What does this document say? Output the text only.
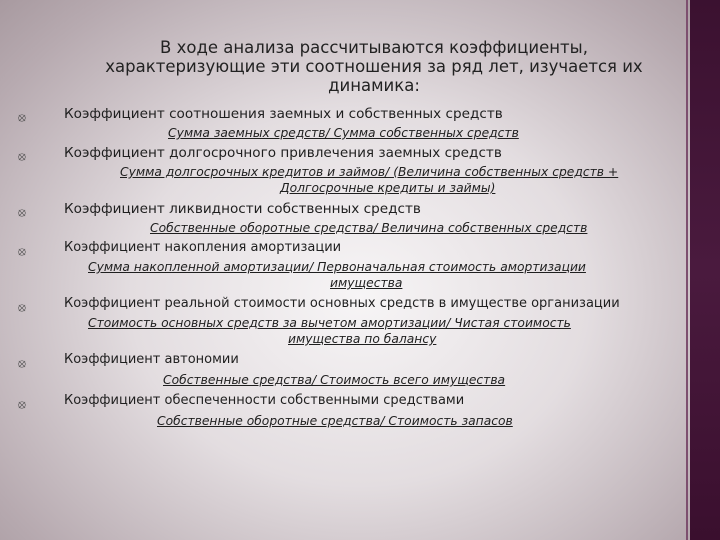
В ходе анализа рассчитываются коэффициенты,
характеризующие эти соотношения за ряд лет, изучается их
динамика:
⦻	Коэффициент соотношения заемных и собственных средств
Сумма заемных средств/ Сумма собственных средств
⦻	Коэффициент долгосрочного привлечения заемных средств
Сумма долгосрочных кредитов и займов/ (Величина собственных средств +
Долгосрочные кредиты и займы)
⦻	Коэффициент ликвидности собственных средств
Собственные оборотные средства/ Величина собственных средств
⦻	Коэффициент накопления амортизации
Сумма накопленной амортизации/ Первоначальная стоимость амортизации
имущества
⦻	Коэффициент реальной стоимости основных средств в имуществе организации
Стоимость основных средств за вычетом амортизации/ Чистая стоимость
имущества по балансу
⦻	Коэффициент автономии
Собственные средства/ Стоимость всего имущества
⦻	Коэффициент обеспеченности собственными средствами
Собственные оборотные средства/ Стоимость запасов
